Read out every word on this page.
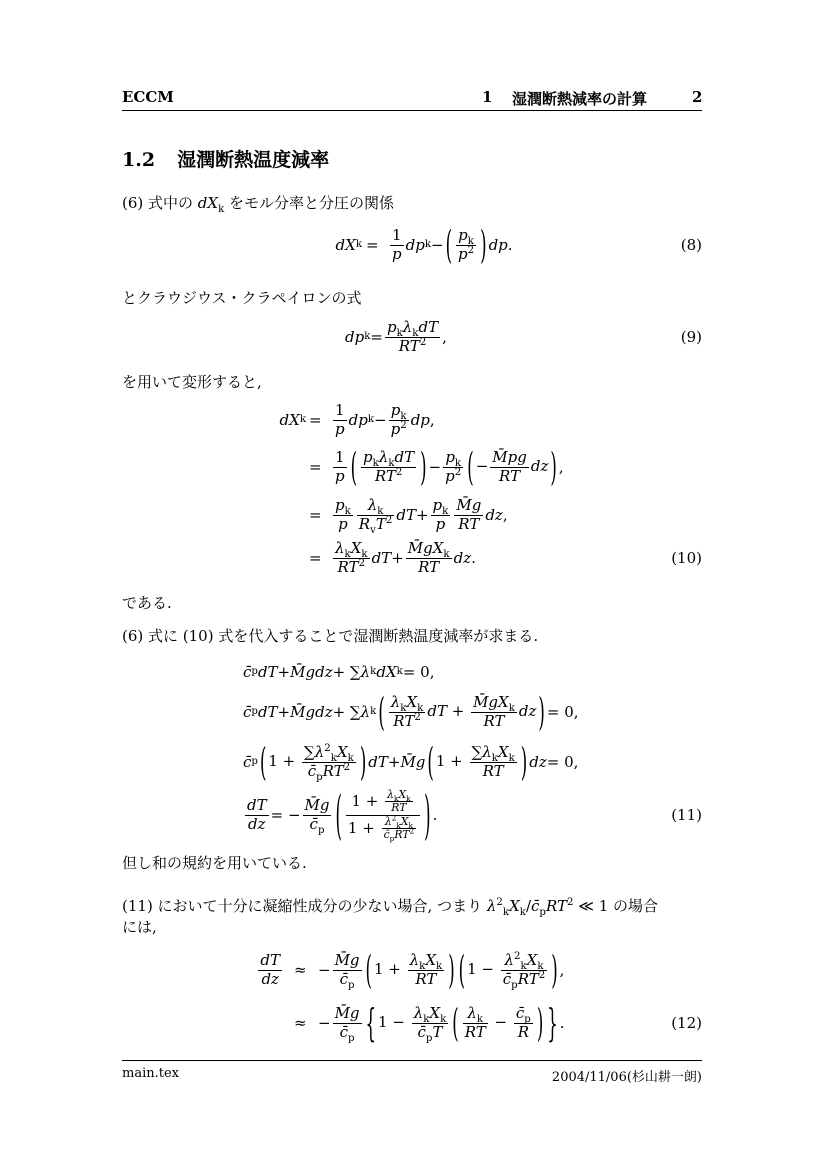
ECCM	1 湿潤断熱減率の計算	2
1.2 湿潤断熱温度減率
(6) 式中の $dX_k$ をモル分率と分圧の関係
とクラウジウス・クラペイロンの式
を用いて変形すると,
である.
(6) 式に (10) 式を代入することで湿潤断熱温度減率が求まる.
但し和の規約を用いている.
(11) において十分に凝縮性成分の少ない場合, つまり $\lambda^2_kX_k/c̄_pRT^2$ ≪ 1 の場合
には,
dX $k = \frac{1}{p}$ dp k − ( $\frac{p_k}{p^2}$ ) dp .	(8)
dp $k = \frac{p_k\lambda_kdT}{RT^2}$ ,	(9)
dX $k = \frac{1}{p}$ dp $k - \frac{p_k}{p^2}$ dp ,
= $\frac{1}{p}$ ( $\frac{p_k\lambda_kdT}{RT^2}$ ) − $\frac{p_k}{p^2}$ ( − $\frac{M̄pg}{RT}$ dz ) ,
= $\frac{p_k}{p} \frac{\lambda_k}{R_vT^2}$ dT + $\frac{p_k}{p} \frac{M̄g}{RT}$ dz ,
= $\frac{\lambda_kX_k}{RT^2}$ dT + $\frac{M̄gX_k}{RT}$ dz .	(10)
c̄ p dT + M̄gdz + ∑ λ k dX k = 0,
c̄ p dT + M̄gdz + ∑ λ k ( $\frac{\lambda_kX_k}{RT^2}$ dT + $\frac{M̄gX_k}{RT}$ dz ) = 0,
c̄ p ( $1 + \frac{\sum\lambda^2_kX_k}{c̄_pRT^2}$ ) dT + M̄g ( $1 + \frac{\sum\lambda_kX_k}{RT}$ ) dz = 0,
$\frac{dT}{dz}$ = − $\frac{M̄g}{c̄_p}$ ( $\frac{1 + \frac{\lambda_kX_k}{RT}}{1 + \frac{\lambda^2_kX_k}{c̄_pRT^2}}$ ) .	(11)
$\frac{dT}{dz}$ ≈ − $\frac{M̄g}{c̄_p}$ ( $1 + \frac{\lambda_kX_k}{RT}$ ) ( $1 - \frac{\lambda^2_kX_k}{c̄_pRT^2}$ ) ,
≈ − $\frac{M̄g}{c̄_p}$ { $1 - \frac{\lambda_kX_k}{c̄_pT}$ ( $\frac{\lambda_k}{RT} - \frac{c̄_p}{R}$ ) } .	(12)
main.tex	2004/11/06(杉山耕一朗)
